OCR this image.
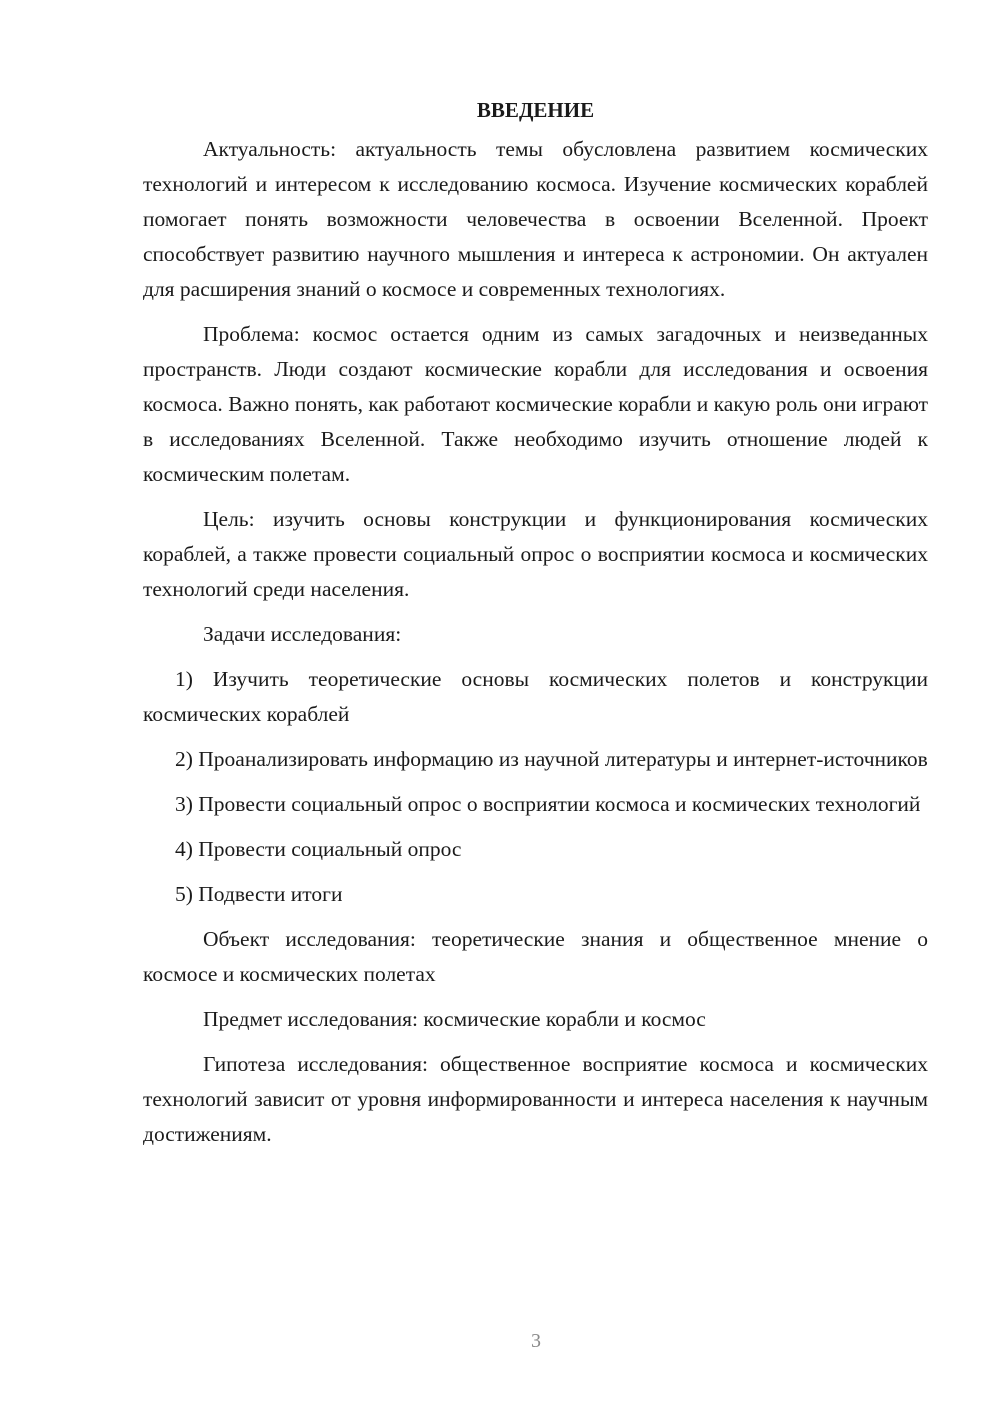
ВВЕДЕНИЕ

Актуальность: актуальность темы обусловлена развитием космических технологий и интересом к исследованию космоса. Изучение космических кораблей помогает понять возможности человечества в освоении Вселенной. Проект способствует развитию научного мышления и интереса к астрономии. Он актуален для расширения знаний о космосе и современных технологиях.

Проблема: космос остается одним из самых загадочных и неизведанных пространств. Люди создают космические корабли для исследования и освоения космоса. Важно понять, как работают космические корабли и какую роль они играют в исследованиях Вселенной. Также необходимо изучить отношение людей к космическим полетам.

Цель: изучить основы конструкции и функционирования космических кораблей, а также провести социальный опрос о восприятии космоса и космических технологий среди населения.

Задачи исследования:

1) Изучить теоретические основы космических полетов и конструкции космических кораблей

2) Проанализировать информацию из научной литературы и интернет-источников

3) Провести социальный опрос о восприятии космоса и космических технологий

4) Провести социальный опрос

5) Подвести итоги

Объект исследования: теоретические знания и общественное мнение о космосе и космических полетах

Предмет исследования: космические корабли и космос

Гипотеза исследования: общественное восприятие космоса и космических технологий зависит от уровня информированности и интереса населения к научным достижениям.

3
